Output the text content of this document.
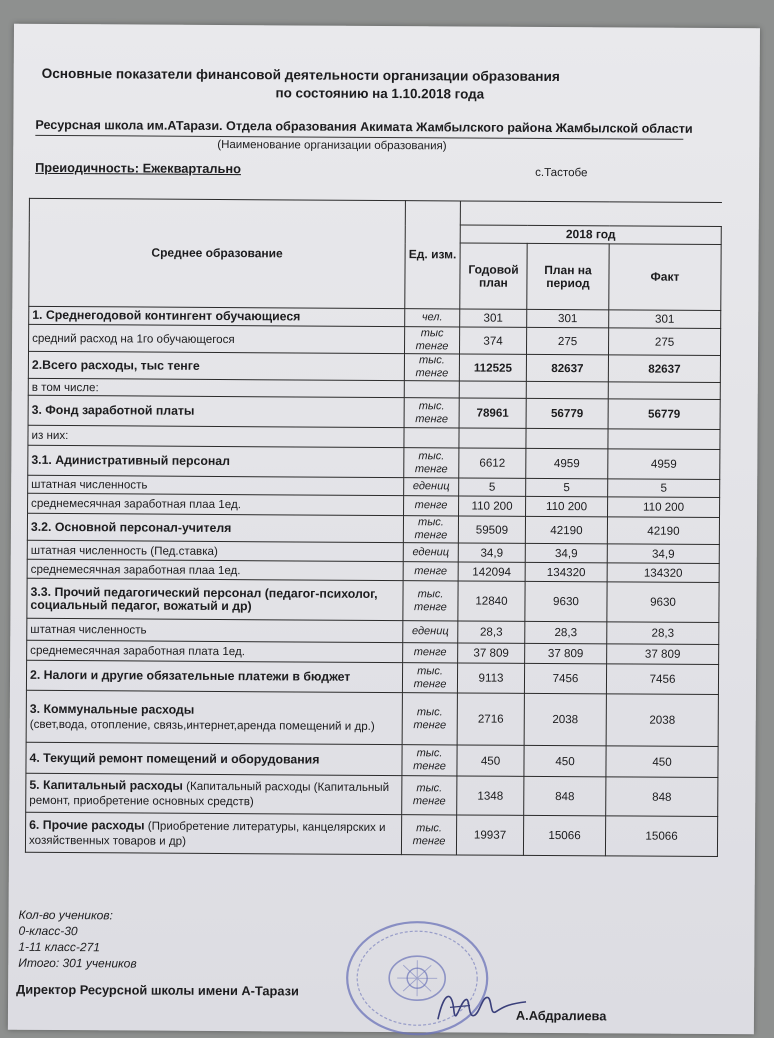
Основные показатели финансовой деятельности организации образования
по состоянию на 1.10.2018 года
Ресурсная школа им.АТарази. Отдела образования Акимата Жамбылского района Жамбылской области
(Наименование организации образования)
Преиодичность: Ежеквартально	с.Тастобе
Среднее образование	Ед. изм.			
		2018 год		
		Годовой план	План на период	Факт
1. Среднегодовой контингент обучающиеся	чел.	301	301	301
средний расход на 1го обучающегося	тыс тенге	374	275	275
2.Всего расходы, тыс тенге	тыс. тенге	112525	82637	82637
в том числе:				
3. Фонд заработной платы	тыс. тенге	78961	56779	56779
из них:				
3.1. Адинистративный персонал	тыс. тенге	6612	4959	4959
штатная численность	едениц	5	5	5
среднемесячная заработная плаа 1ед.	тенге	110 200	110 200	110 200
3.2. Основной персонал-учителя	тыс. тенге	59509	42190	42190
штатная численность (Пед.ставка)	едениц	34,9	34,9	34,9
среднемесячная заработная плаа 1ед.	тенге	142094	134320	134320
3.3. Прочий педагогический персонал (педагог-психолог, социальный педагог, вожатый и др)	тыс. тенге	12840	9630	9630
штатная численность	едениц	28,3	28,3	28,3
среднемесячная заработная плата 1ед.	тенге	37 809	37 809	37 809
2. Налоги и другие обязательные платежи в бюджет	тыс. тенге	9113	7456	7456
3. Коммунальные расходы
(свет,вода, отопление, связь,интернет,аренда помещений и др.)	тыс. тенге	2716	2038	2038
4. Текущий ремонт помещений и оборудования	тыс. тенге	450	450	450
5. Капитальный расходы (Капитальный расходы (Капитальный ремонт, приобретение основных средств)	тыс. тенге	1348	848	848
6. Прочие расходы (Приобретение литературы, канцелярских и хозяйственных товаров и др)	тыс. тенге	19937	15066	15066
Кол-во учеников:
0-класс-30
1-11 класс-271
Итого: 301 учеников
Директор Ресурсной школы имени А-Тарази
А.Абдралиева
